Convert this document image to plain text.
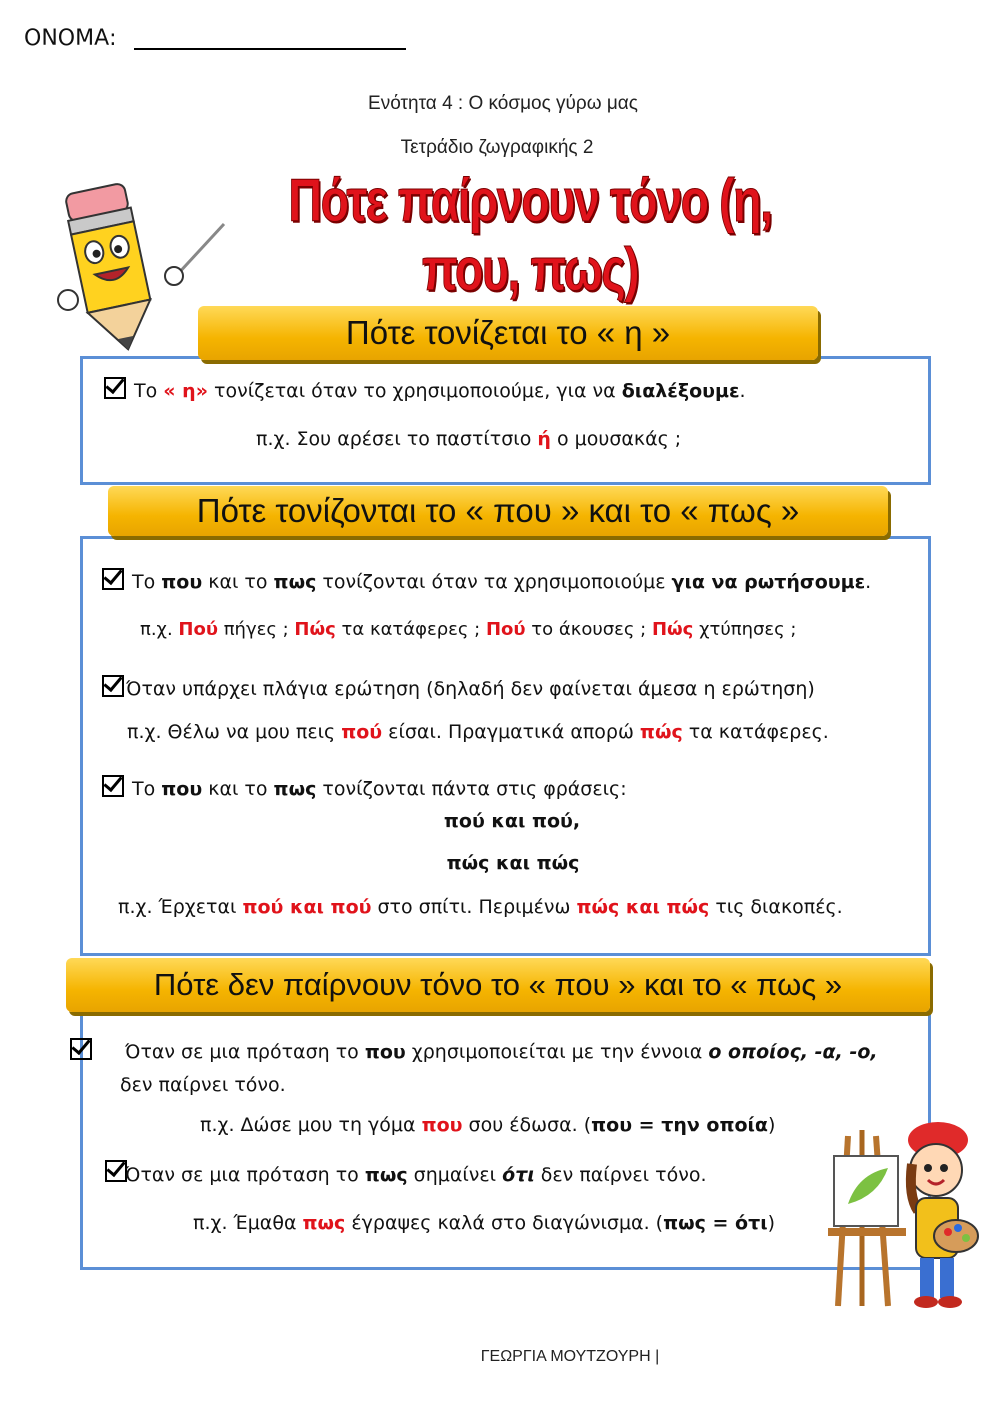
ΟΝΟΜΑ:
Ενότητα 4 : Ο κόσμος γύρω μας
Τετράδιο ζωγραφικής 2
Πότε παίρνουν τόνο (η, που, πως)
Πότε τονίζεται το « η »
Το « η» τονίζεται όταν το χρησιμοποιούμε, για να διαλέξουμε.
π.χ. Σου αρέσει το παστίτσιο ή ο μουσακάς ;
Πότε τονίζονται το « που » και το « πως »
Το που και το πως τονίζονται όταν τα χρησιμοποιούμε για να ρωτήσουμε.
π.χ. Πού πήγες ; Πώς τα κατάφερες ; Πού το άκουσες ; Πώς χτύπησες ;
Όταν υπάρχει πλάγια ερώτηση (δηλαδή δεν φαίνεται άμεσα η ερώτηση)
π.χ. Θέλω να μου πεις πού είσαι. Πραγματικά απορώ πώς τα κατάφερες.
Το που και το πως τονίζονται πάντα στις φράσεις:
πού και πού,
πώς και πώς
π.χ. Έρχεται πού και πού στο σπίτι. Περιμένω πώς και πώς τις διακοπές.
Πότε δεν παίρνουν τόνο το « που » και το « πως »

Όταν σε μια πρόταση το που χρησιμοποιείται με την έννοια ο οποίος, -α, -ο,
δεν παίρνει τόνο.
π.χ. Δώσε μου τη γόμα που σου έδωσα. (που = την οποία)
Όταν σε μια πρόταση το πως σημαίνει ότι δεν παίρνει τόνο.
π.χ. Έμαθα πως έγραψες καλά στο διαγώνισμα. (πως = ότι)
ΓΕΩΡΓΙΑ ΜΟΥΤΖΟΥΡΗ |
